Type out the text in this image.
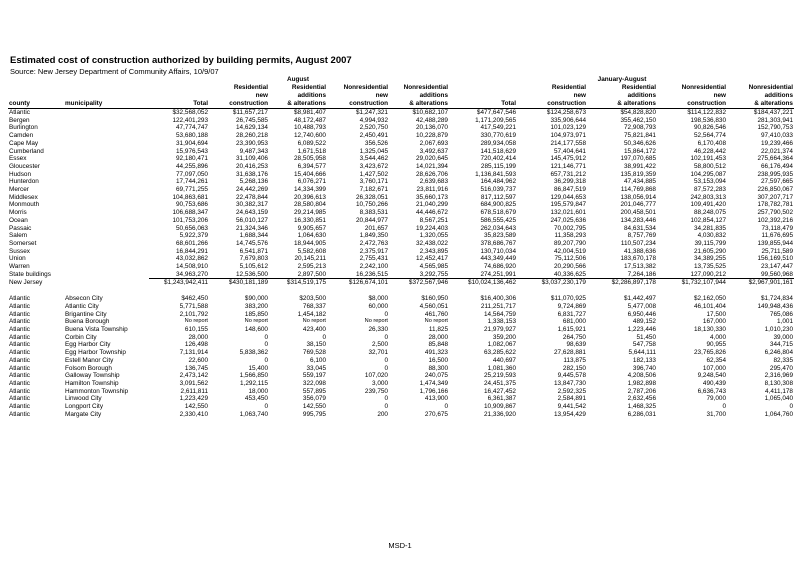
Estimated cost of construction authorized by building permits, August 2007
Source: New Jersey Department of Community Affairs, 10/9/07
				August					January-August		
			Residential	Residential	Nonresidential	Nonresidential		Residential	Residential	Nonresidential	Nonresidential
			new	additions	new	additions		new	additions	new	additions
county	municipality	Total	construction	& alterations	construction	& alterations	Total	construction	& alterations	construction	& alterations
Atlantic		$32,568,052	$11,657,217	$8,981,407	$1,247,321	$10,682,107	$477,647,546	$124,258,673	$54,828,820	$114,122,832	$184,437,221
Bergen		122,401,293	26,745,585	48,172,487	4,994,932	42,488,289	1,171,209,565	335,906,644	355,462,150	198,536,830	281,303,941
Burlington		47,774,747	14,629,134	10,488,793	2,520,750	20,136,070	417,549,221	101,023,129	72,908,793	90,826,546	152,790,753
Camden		53,680,188	28,260,218	12,740,600	2,450,491	10,228,879	330,770,619	104,973,971	75,821,841	52,564,774	97,410,033
Cape May		31,904,694	23,390,953	6,089,522	356,526	2,067,693	289,934,058	214,177,558	50,346,626	6,170,408	19,239,466
Cumberland		15,976,543	9,487,343	1,671,518	1,325,045	3,492,637	141,518,629	57,404,641	15,864,172	46,228,442	22,021,374
Essex		92,180,471	31,109,406	28,505,958	3,544,462	29,020,645	720,402,414	145,475,912	197,070,685	102,191,453	275,664,364
Gloucester		44,255,896	20,416,253	6,394,577	3,423,672	14,021,394	285,115,199	121,146,771	38,991,422	58,800,512	66,176,494
Hudson		77,097,050	31,638,176	15,404,666	1,427,502	28,626,706	1,136,841,593	657,731,212	135,819,359	104,295,087	238,995,935
Hunterdon		17,744,261	5,268,136	6,076,271	3,760,171	2,639,683	164,484,962	36,299,318	47,434,885	53,153,094	27,597,665
Mercer		69,771,255	24,442,269	14,334,399	7,182,671	23,811,916	516,039,737	86,847,519	114,769,868	87,572,283	226,850,067
Middlesex		104,863,681	22,478,844	20,396,613	26,328,051	35,660,173	817,112,597	129,044,653	138,056,914	242,803,313	307,207,717
Monmouth		90,753,686	30,382,317	28,580,804	10,750,266	21,040,299	684,900,825	195,579,847	201,046,777	109,491,420	178,782,781
Morris		106,688,347	24,643,159	29,214,985	8,383,531	44,446,672	678,518,679	132,021,601	200,458,501	88,248,075	257,790,502
Ocean		101,753,206	56,010,127	16,330,851	20,844,977	8,567,251	586,555,425	247,025,636	134,283,446	102,854,127	102,392,216
Passaic		50,656,063	21,324,346	9,905,657	201,657	19,224,403	262,034,643	70,002,795	84,631,534	34,281,835	73,118,479
Salem		5,922,379	1,688,344	1,064,630	1,849,350	1,320,055	35,823,589	11,358,293	8,757,769	4,030,832	11,676,695
Somerset		68,601,266	14,745,576	18,944,905	2,472,763	32,438,022	378,686,767	89,207,790	110,507,234	39,115,799	139,855,944
Sussex		16,844,291	6,541,871	5,582,608	2,375,917	2,343,895	130,710,034	42,004,519	41,388,636	21,605,290	25,711,589
Union		43,032,862	7,679,803	20,145,211	2,755,431	12,452,417	443,349,449	75,112,506	183,670,178	34,389,255	156,169,510
Warren		14,508,910	5,105,612	2,595,213	2,242,100	4,565,985	74,686,920	20,290,566	17,513,382	13,735,525	23,147,447
State buildings		34,963,270	12,536,500	2,897,500	16,236,515	3,292,755	274,251,991	40,336,625	7,264,186	127,090,212	99,560,968
New Jersey		$1,243,942,411	$430,181,189	$314,519,175	$126,674,101	$372,567,946	$10,024,136,462	$3,037,230,179	$2,286,897,178	$1,732,107,944	$2,967,901,161

Atlantic	Absecon City	$462,450	$90,000	$203,500	$8,000	$160,950	$16,400,306	$11,070,925	$1,442,497	$2,162,050	$1,724,834
Atlantic	Atlantic City	5,771,588	383,200	768,337	60,000	4,560,051	211,251,717	9,724,869	5,477,008	46,101,404	149,948,436
Atlantic	Brigantine City	2,101,792	185,850	1,454,182	0	461,760	14,564,759	6,831,727	6,950,446	17,500	765,086
Atlantic	Buena Borough	No report	No report	No report	No report	No report	1,338,153	681,000	489,152	167,000	1,001
Atlantic	Buena Vista Township	610,155	148,600	423,400	26,330	11,825	21,979,927	1,615,921	1,223,446	18,130,330	1,010,230
Atlantic	Corbin City	28,000	0	0	0	28,000	359,200	264,750	51,450	4,000	39,000
Atlantic	Egg Harbor City	126,498	0	38,150	2,500	85,848	1,082,067	98,639	547,758	90,955	344,715
Atlantic	Egg Harbor Township	7,131,914	5,838,362	769,528	32,701	491,323	63,285,622	27,628,881	5,644,111	23,765,826	6,246,804
Atlantic	Estell Manor City	22,600	0	6,100	0	16,500	440,697	113,875	182,133	62,354	82,335
Atlantic	Folsom Borough	136,745	15,400	33,045	0	88,300	1,081,360	282,150	396,740	107,000	295,470
Atlantic	Galloway Township	2,473,142	1,566,850	559,197	107,020	240,075	25,219,593	9,445,578	4,208,506	9,248,540	2,316,969
Atlantic	Hamilton Township	3,091,562	1,292,115	322,098	3,000	1,474,349	24,451,375	13,847,730	1,982,898	490,439	8,130,308
Atlantic	Hammonton Township	2,611,811	18,000	557,895	239,750	1,796,166	16,427,452	2,592,325	2,787,206	6,636,743	4,411,178
Atlantic	Linwood City	1,223,429	453,450	356,079	0	413,900	6,361,387	2,584,891	2,632,456	79,000	1,065,040
Atlantic	Longport City	142,550	0	142,550	0	0	10,909,867	9,441,542	1,468,325	0	0
Atlantic	Margate City	2,330,410	1,063,740	995,795	200	270,675	21,336,920	13,954,429	6,286,031	31,700	1,064,760
MSD-1
